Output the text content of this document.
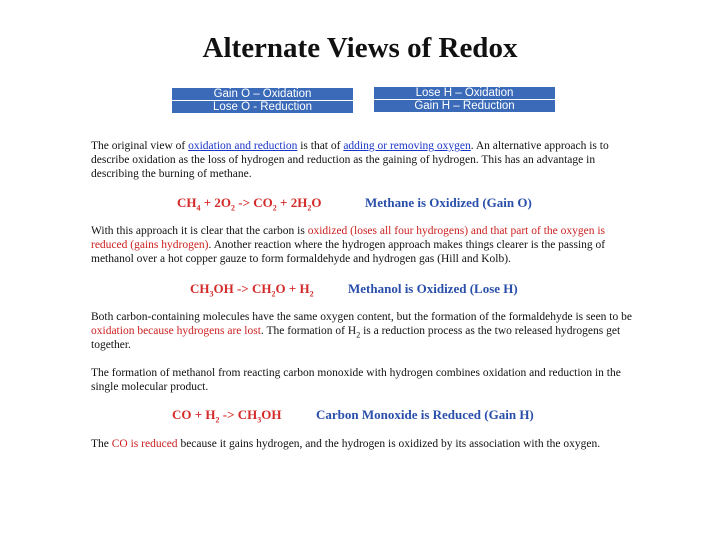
Alternate Views of Redox
Gain O – Oxidation
Lose O - Reduction
Lose H – Oxidation
Gain H – Reduction

The original view of oxidation and reduction is that of adding or removing oxygen. An alternative approach is to describe oxidation as the loss of hydrogen and reduction as the gaining of hydrogen. This has an advantage in describing the burning of methane.

$CH_4 + 2O_2 -> CO_2 + 2H_2O$	Methane is Oxidized (Gain O)

With this approach it is clear that the carbon is oxidized (loses all four hydrogens) and that part of the oxygen is reduced (gains hydrogen). Another reaction where the hydrogen approach makes things clearer is the passing of methanol over a hot copper gauze to form formaldehyde and hydrogen gas (Hill and Kolb).

$CH_3OH -> CH_2O + H_2$	Methanol is Oxidized (Lose H)

Both carbon-containing molecules have the same oxygen content, but the formation of the formaldehyde is seen to be oxidation because hydrogens are lost. The formation of $H_2$ is a reduction process as the two released hydrogens get together.

The formation of methanol from reacting carbon monoxide with hydrogen combines oxidation and reduction in the single molecular product.

CO + $H_2 -> CH_3OH$	Carbon Monoxide is Reduced (Gain H)

The CO is reduced because it gains hydrogen, and the hydrogen is oxidized by its association with the oxygen.
